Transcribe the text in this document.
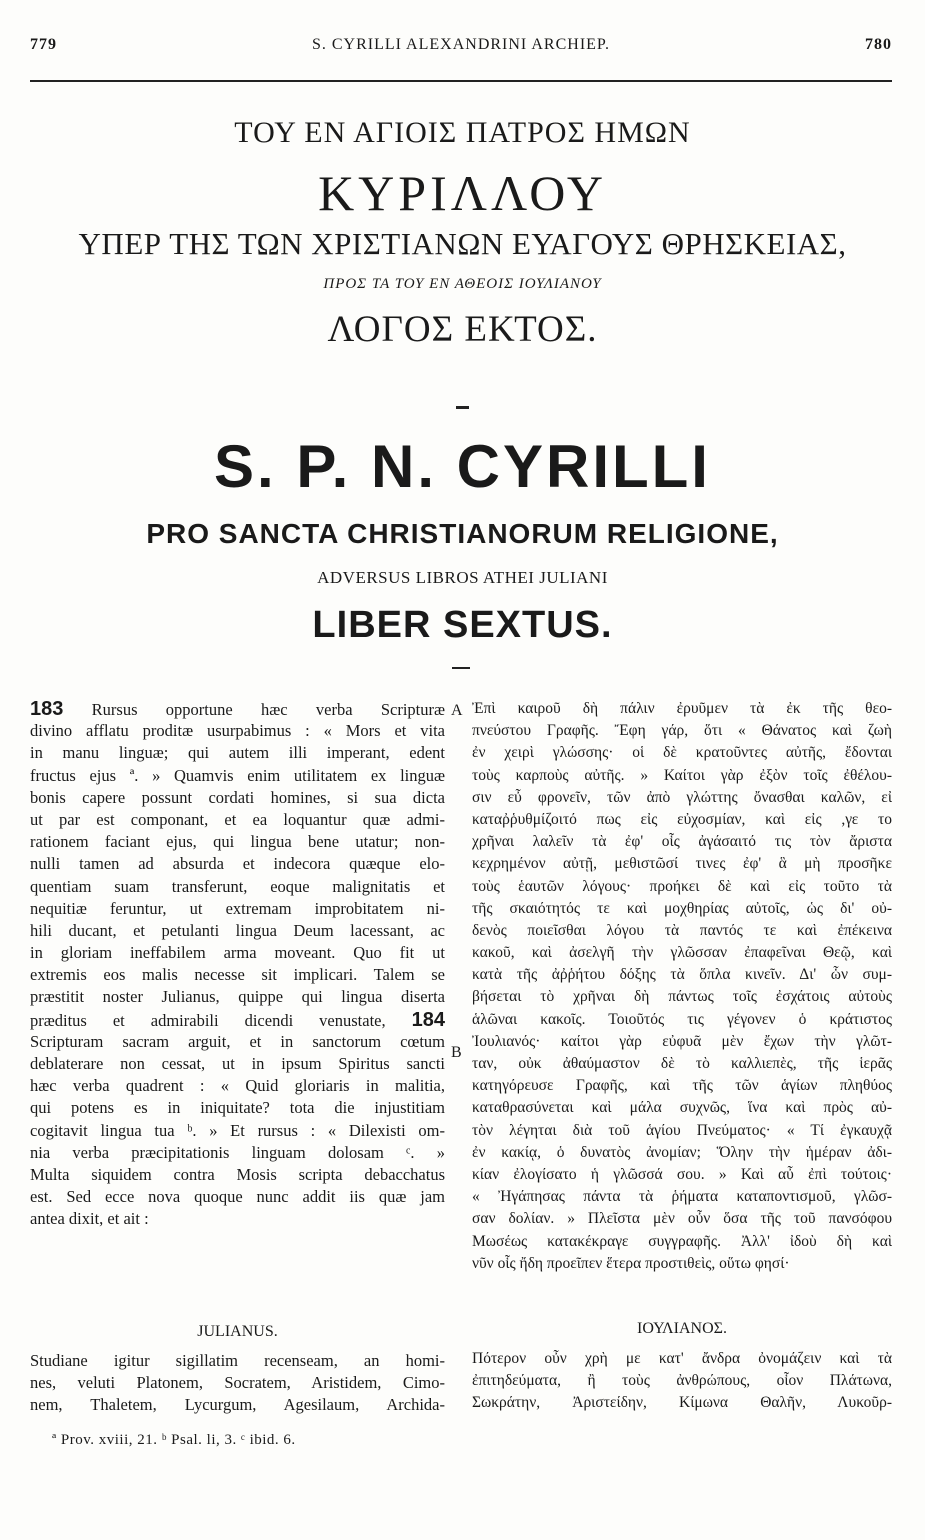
779	S. CYRILLI ALEXANDRINI ARCHIEP.	780
ΤΟΥ ΕΝ ΑΓΙΟΙΣ ΠΑΤΡΟΣ ΗΜΩΝ
ΚΥΡΙΛΛΟΥ
ΥΠΕΡ ΤΗΣ ΤΩΝ ΧΡΙΣΤΙΑΝΩΝ ΕΥΑΓΟΥΣ ΘΡΗΣΚΕΙΑΣ,
ΠΡΟΣ ΤΑ ΤΟΥ ΕΝ ΑΘΕΟΙΣ ΙΟΥΛΙΑΝΟΥ
ΛΟΓΟΣ ΕΚΤΟΣ.
S. P. N. CYRILLI
PRO SANCTA CHRISTIANORUM RELIGIONE,
ADVERSUS LIBROS ATHEI JULIANI
LIBER SEXTUS.
183 Rursus opportune hæc verba Scripturæ
divino afflatu proditæ usurpabimus : « Mors et vita
in manu linguæ; qui autem illi imperant, edent
fructus ejus ª. » Quamvis enim utilitatem ex linguæ
bonis capere possunt cordati homines, si sua dicta
ut par est componant, et ea loquantur quæ admi-
rationem faciant ejus, qui lingua bene utatur; non-
nulli tamen ad absurda et indecora quæque elo-
quentiam suam transferunt, eoque malignitatis et
nequitiæ feruntur, ut extremam improbitatem ni-
hili ducant, et petulanti lingua Deum lacessant, ac
in gloriam ineffabilem arma moveant. Quo fit ut
extremis eos malis necesse sit implicari. Talem se
præstitit noster Julianus, quippe qui lingua diserta
præditus et admirabili dicendi venustate, 184
Scripturam sacram arguit, et in sanctorum cœtum
deblaterare non cessat, ut in ipsum Spiritus sancti
hæc verba quadrent : « Quid gloriaris in malitia,
qui potens es in iniquitate? tota die injustitiam
cogitavit lingua tua ᵇ. » Et rursus : « Dilexisti om-
nia verba præcipitationis linguam dolosam ᶜ. »
Multa siquidem contra Mosis scripta debacchatus
est. Sed ecce nova quoque nunc addit iis quæ jam
antea dixit, et ait :
A
B
Ἐπὶ καιροῦ δὴ πάλιν ἐρυῦμεν τὰ ἐκ τῆς θεο-
πνεύστου Γραφῆς. Ἔφη γάρ, ὅτι « Θάνατος καὶ ζωὴ
ἐν χειρὶ γλώσσης· οἱ δὲ κρατοῦντες αὐτῆς, ἔδονται
τοὺς καρποὺς αὐτῆς. » Καίτοι γὰρ ἐξὸν τοῖς ἐθέλου-
σιν εὖ φρονεῖν, τῶν ἀπὸ γλώττης ὄνασθαι καλῶν, εἰ
καταῤῥυθμίζοιτό πως εἰς εὐχοσμίαν, καὶ εἰς ,γε το
χρῆναι λαλεῖν τὰ ἐφ' οἷς ἀγάσαιτό τις τὸν ἄριστα
κεχρημένον αὐτῇ, μεθιστῶσί τινες ἐφ' ἃ μὴ προσῆκε
τοὺς ἑαυτῶν λόγους· προήκει δὲ καὶ εἰς τοῦτο τὰ
τῆς σκαιότητός τε καὶ μοχθηρίας αὐτοῖς, ὡς δι' οὐ-
δενὸς ποιεῖσθαι λόγου τὰ παντός τε καὶ ἐπέκεινα
κακοῦ, καὶ ἀσελγῆ τὴν γλῶσσαν ἐπαφεῖναι Θεῷ, καὶ
κατὰ τῆς ἀῤῥήτου δόξης τὰ ὅπλα κινεῖν. Δι' ὧν συμ-
βήσεται τὸ χρῆναι δὴ πάντως τοῖς ἐσχάτοις αὐτοὺς
ἁλῶναι κακοῖς. Τοιοῦτός τις γέγονεν ὁ κράτιστος
Ἰουλιανός· καίτοι γὰρ εὐφυᾶ μὲν ἔχων τὴν γλῶτ-
ταν, οὐκ ἀθαύμαστον δὲ τὸ καλλιεπὲς, τῆς ἱερᾶς
κατηγόρευσε Γραφῆς, καὶ τῆς τῶν ἁγίων πληθύος
καταθρασύνεται καὶ μάλα συχνῶς, ἵνα καὶ πρὸς αὐ-
τὸν λέγηται διὰ τοῦ ἁγίου Πνεύματος· « Τί ἐγκαυχᾷ
ἐν κακίᾳ, ὁ δυνατὸς ἀνομίαν; Ὅλην τὴν ἡμέραν ἀδι-
κίαν ἐλογίσατο ἡ γλῶσσά σου. » Καὶ αὖ ἐπὶ τούτοις·
« Ἠγάπησας πάντα τὰ ῥήματα καταποντισμοῦ, γλῶσ-
σαν δολίαν. » Πλεῖστα μὲν οὖν ὅσα τῆς τοῦ πανσόφου
Μωσέως κατακέκραγε συγγραφῆς. Ἀλλ' ἰδοὺ δὴ καὶ
νῦν οἷς ἤδη προεῖπεν ἕτερα προστιθεὶς, οὕτω φησί·
JULIANUS.	ΙΟΥΛΙΑΝΟΣ.
Studiane igitur sigillatim recenseam, an homi-
nes, veluti Platonem, Socratem, Aristidem, Cimo-
nem, Thaletem, Lycurgum, Agesilaum, Archida-
Πότερον οὖν χρὴ με κατ' ἄνδρα ὀνομάζειν καὶ τὰ
ἐπιτηδεύματα, ἢ τοὺς ἀνθρώπους, οἷον Πλάτωνα,
Σωκράτην, Ἀριστείδην, Κίμωνα Θαλῆν, Λυκοῦρ-
ª Prov. xviii, 21. ᵇ Psal. li, 3. ᶜ ibid. 6.
